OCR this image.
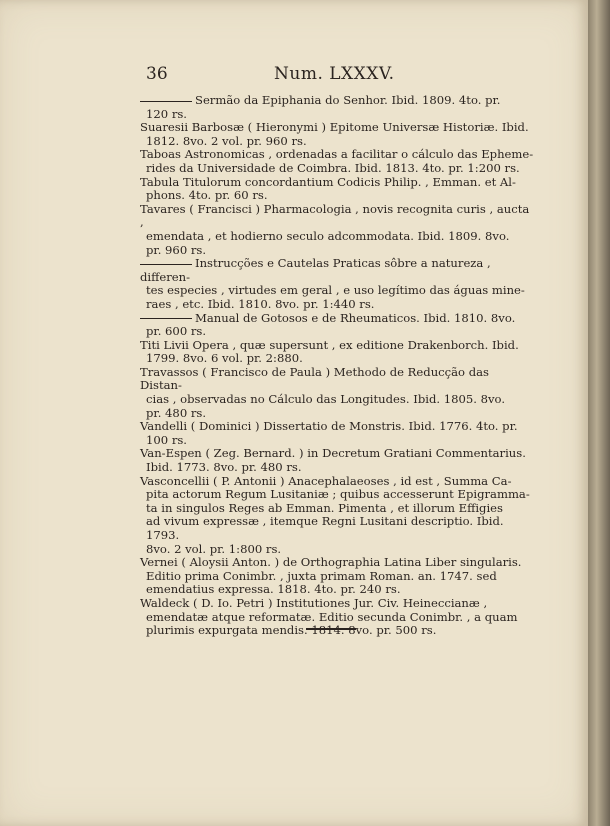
36	Num. LXXXV.
Sermão da Epiphania do Senhor. Ibid. 1809. 4to. pr.
120 rs.
Suaresii Barbosæ ( Hieronymi ) Epitome Universæ Historiæ. Ibid.
1812. 8vo. 2 vol. pr. 960 rs.
Taboas Astronomicas , ordenadas a facilitar o cálculo das Epheme-
rides da Universidade de Coimbra. Ibid. 1813. 4to. pr. 1:200 rs.
Tabula Titulorum concordantium Codicis Philip. , Emman. et Al-
phons. 4to. pr. 60 rs.
Tavares ( Francisci ) Pharmacologia , novis recognita curis , aucta ,
emendata , et hodierno seculo adcommodata. Ibid. 1809. 8vo.
pr. 960 rs.
Instrucções e Cautelas Praticas sôbre a natureza , differen-
tes especies , virtudes em geral , e uso legítimo das águas mine-
raes , etc. Ibid. 1810. 8vo. pr. 1:440 rs.
Manual de Gotosos e de Rheumaticos. Ibid. 1810. 8vo.
pr. 600 rs.
Titi Livii Opera , quæ supersunt , ex editione Drakenborch. Ibid.
1799. 8vo. 6 vol. pr. 2:880.
Travassos ( Francisco de Paula ) Methodo de Reducção das Distan-
cias , observadas no Cálculo das Longitudes. Ibid. 1805. 8vo.
pr. 480 rs.
Vandelli ( Dominici ) Dissertatio de Monstris. Ibid. 1776. 4to. pr.
100 rs.
Van-Espen ( Zeg. Bernard. ) in Decretum Gratiani Commentarius.
Ibid. 1773. 8vo. pr. 480 rs.
Vasconcellii ( P. Antonii ) Anacephalaeoses , id est , Summa Ca-
pita actorum Regum Lusitaniæ ; quibus accesserunt Epigramma-
ta in singulos Reges ab Emman. Pimenta , et illorum Effigies
ad vivum expressæ , itemque Regni Lusitani descriptio. Ibid. 1793.
8vo. 2 vol. pr. 1:800 rs.
Vernei ( Aloysii Anton. ) de Orthographia Latina Liber singularis.
Editio prima Conimbr. , juxta primam Roman. an. 1747. sed
emendatius expressa. 1818. 4to. pr. 240 rs.
Waldeck ( D. Io. Petri ) Institutiones Jur. Civ. Heineccianæ ,
emendatæ atque reformatæ. Editio secunda Conimbr. , a quam
plurimis expurgata mendis. 1814. 8vo. pr. 500 rs.
